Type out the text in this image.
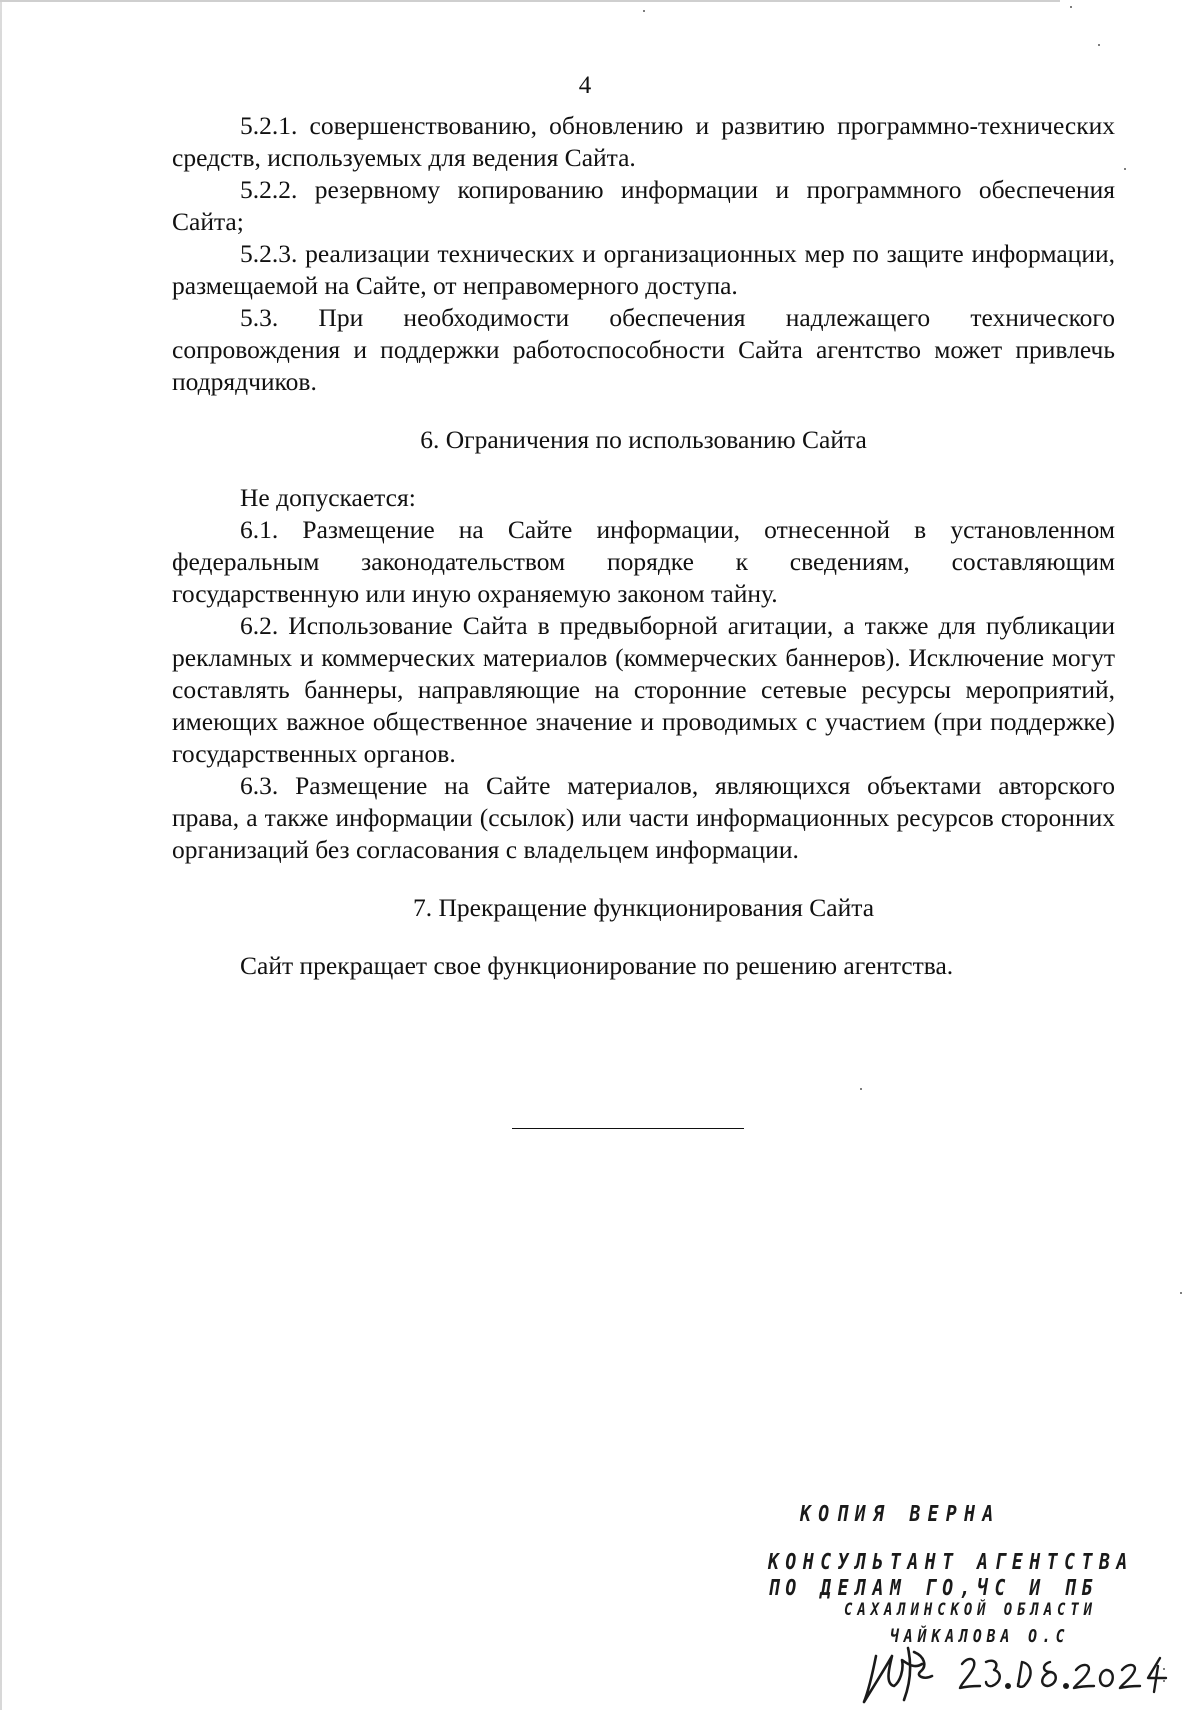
4

5.2.1. совершенствованию, обновлению и развитию программно-технических средств, используемых для ведения Сайта.

5.2.2. резервному копированию информации и программного обеспечения Сайта;

5.2.3. реализации технических и организационных мер по защите информации, размещаемой на Сайте, от неправомерного доступа.

5.3. При необходимости обеспечения надлежащего технического сопровождения и поддержки работоспособности Сайта агентство может привлечь подрядчиков.

6. Ограничения по использованию Сайта

Не допускается:

6.1. Размещение на Сайте информации, отнесенной в установленном федеральным законодательством порядке к сведениям, составляющим государственную или иную охраняемую законом тайну.

6.2. Использование Сайта в предвыборной агитации, а также для публикации рекламных и коммерческих материалов (коммерческих баннеров). Исключение могут составлять баннеры, направляющие на сторонние сетевые ресурсы мероприятий, имеющих важное общественное значение и проводимых с участием (при поддержке) государственных органов.

6.3. Размещение на Сайте материалов, являющихся объектами авторского права, а также информации (ссылок) или части информационных ресурсов сторонних организаций без согласования с владельцем информации.

7. Прекращение функционирования Сайта

Сайт прекращает свое функционирование по решению агентства.

КОПИЯ ВЕРНА
КОНСУЛЬТАНТ АГЕНТСТВА
ПО ДЕЛАМ ГО,ЧС И ПБ
САХАЛИНСКОЙ ОБЛАСТИ
ЧАЙКАЛОВА О.С
